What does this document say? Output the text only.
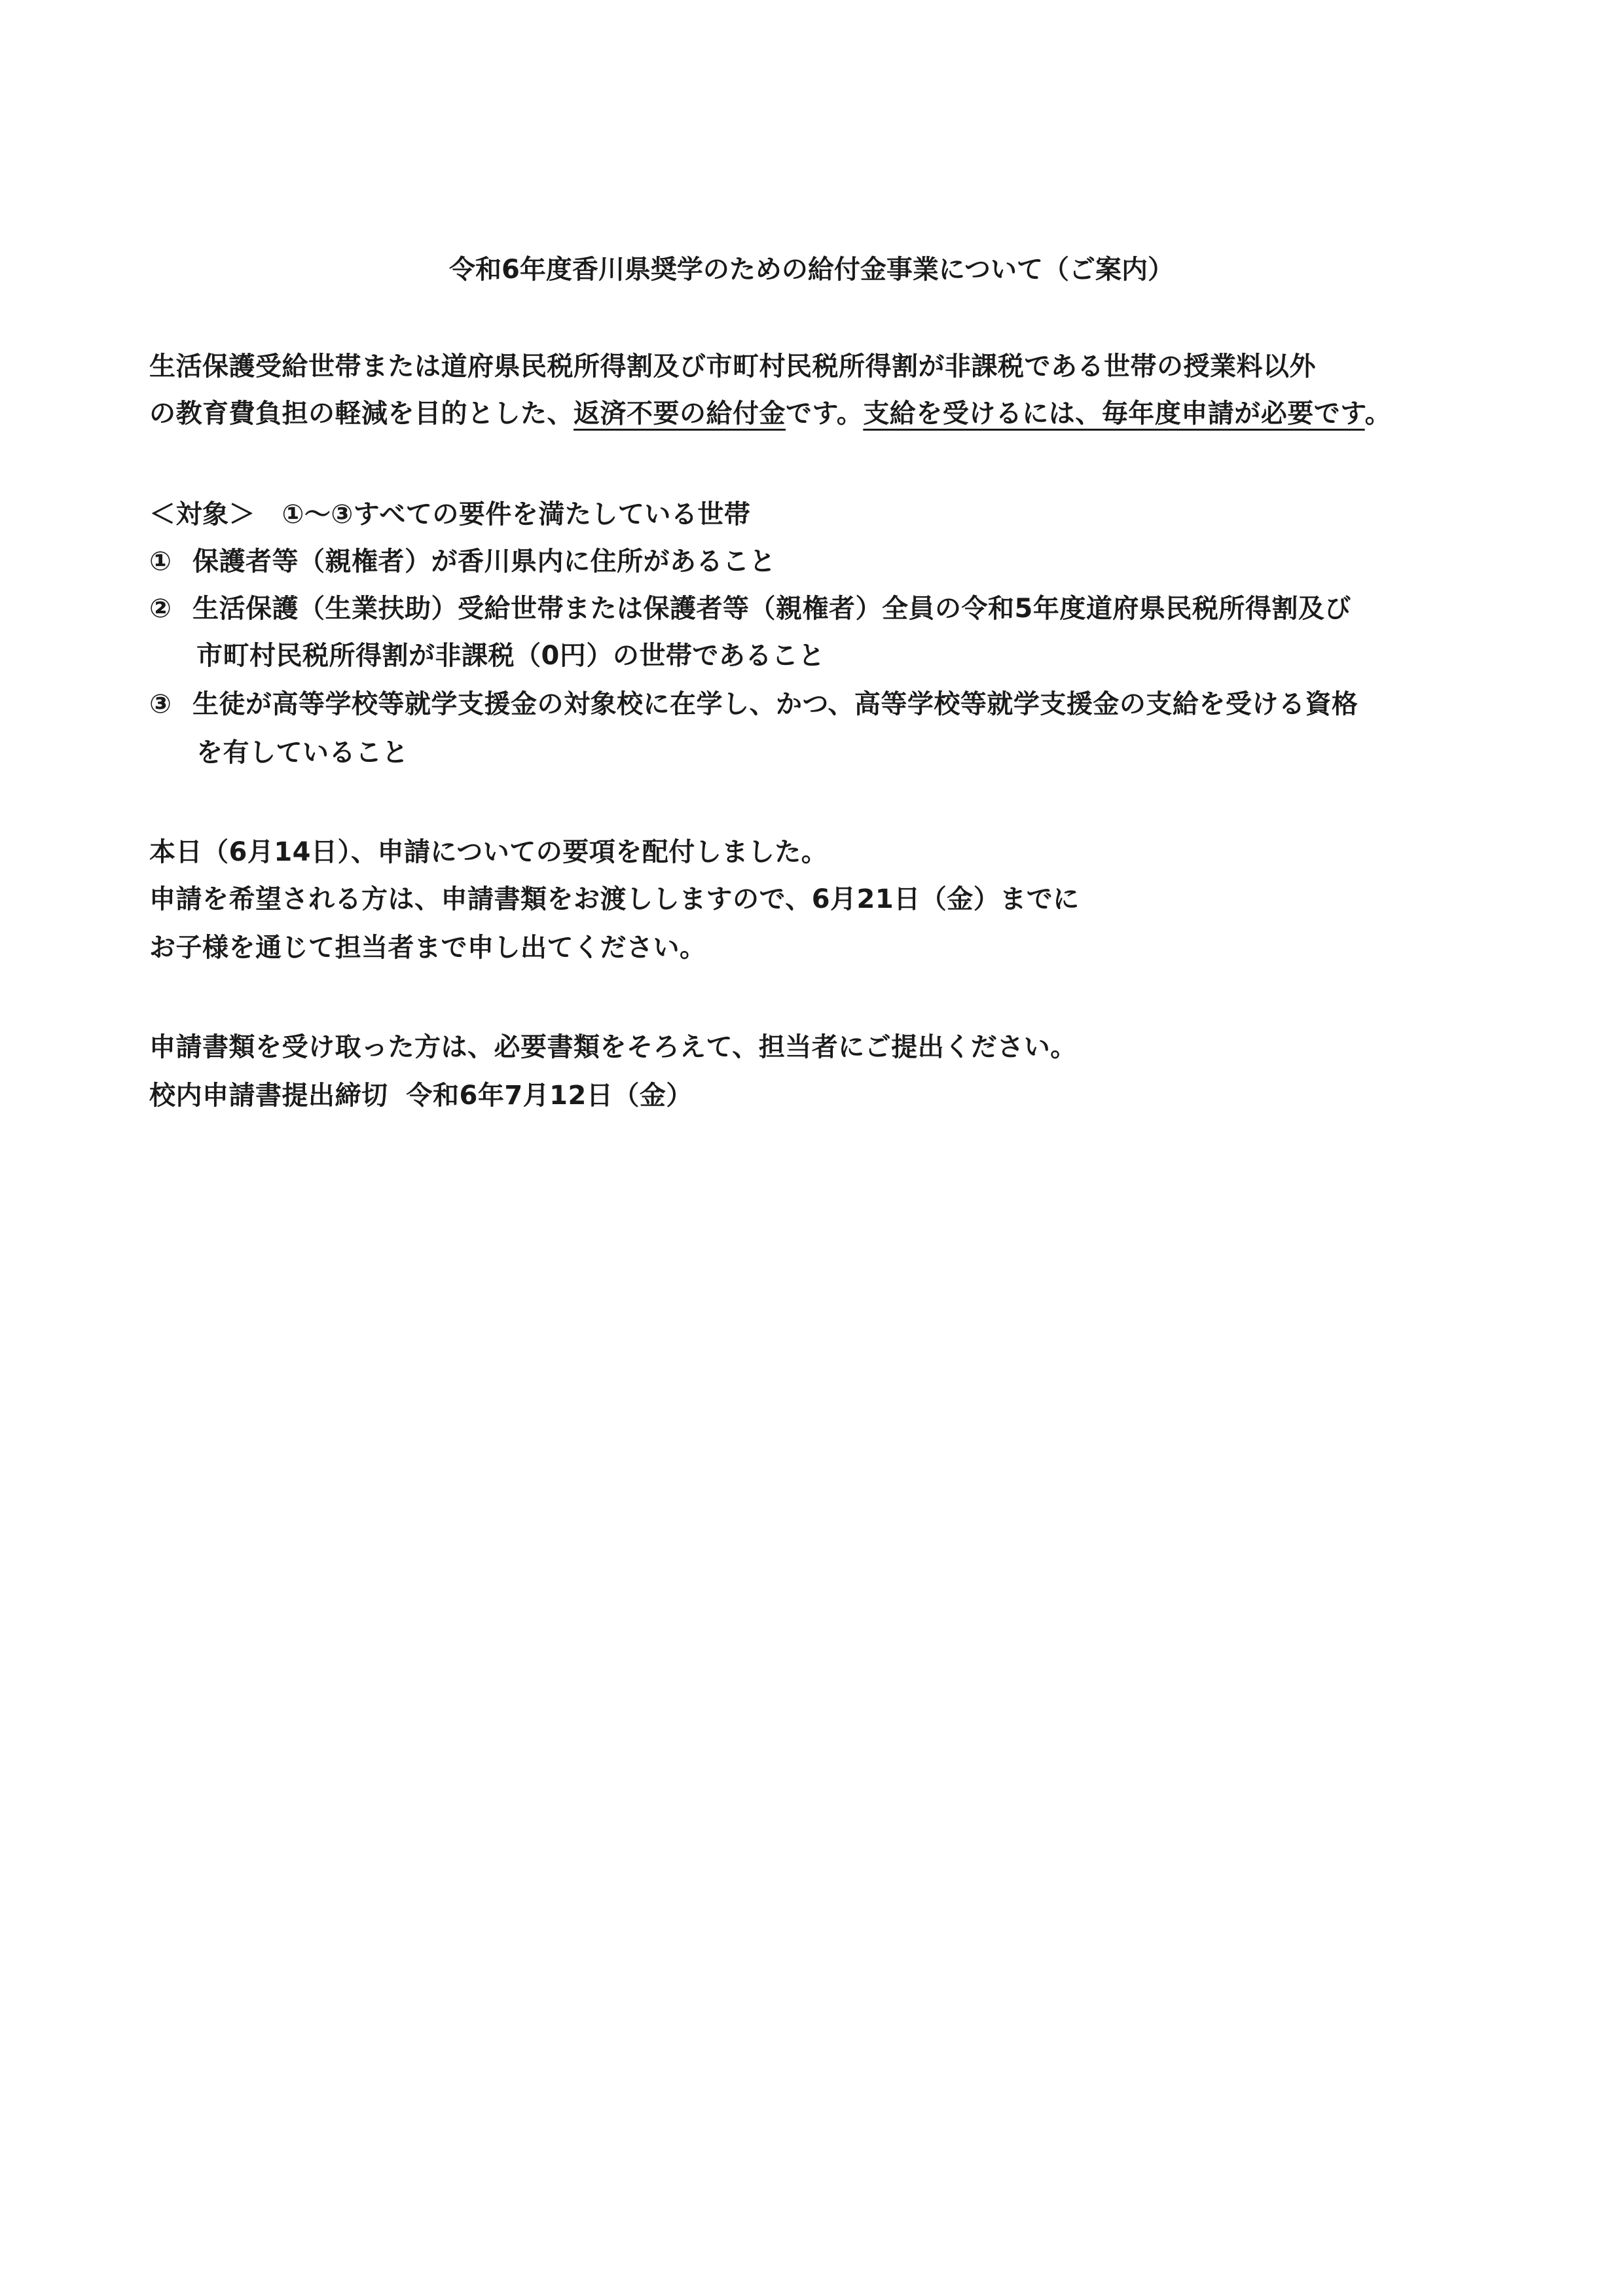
令和6年度香川県奨学のための給付金事業について（ご案内）
生活保護受給世帯または道府県民税所得割及び市町村民税所得割が非課税である世帯の授業料以外
の教育費負担の軽減を目的とした、返済不要の給付金です。支給を受けるには、毎年度申請が必要です。
＜対象＞　①～③すべての要件を満たしている世帯
① 保護者等（親権者）が香川県内に住所があること
② 生活保護（生業扶助）受給世帯または保護者等（親権者）全員の令和5年度道府県民税所得割及び
市町村民税所得割が非課税（0円）の世帯であること
③ 生徒が高等学校等就学支援金の対象校に在学し、かつ、高等学校等就学支援金の支給を受ける資格
を有していること
本日（6月14日）、申請についての要項を配付しました。
申請を希望される方は、申請書類をお渡ししますので、6月21日（金）までに
お子様を通じて担当者まで申し出てください。
申請書類を受け取った方は、必要書類をそろえて、担当者にご提出ください。
校内申請書提出締切 令和6年7月12日（金）
